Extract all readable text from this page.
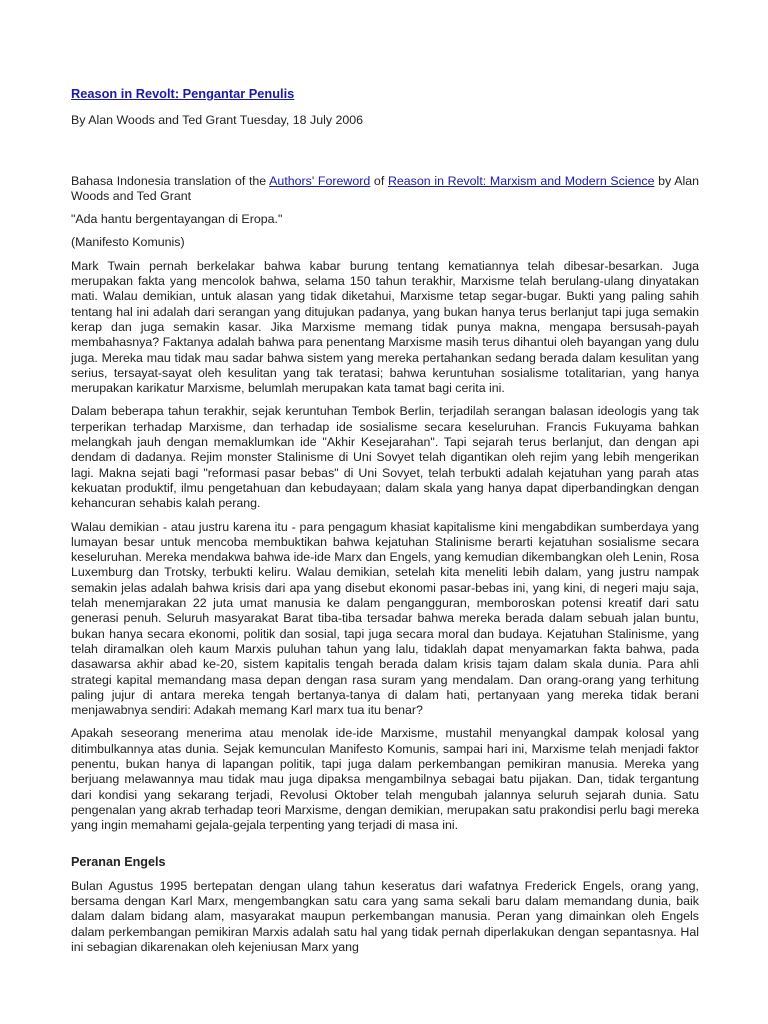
Reason in Revolt: Pengantar Penulis

By Alan Woods and Ted Grant Tuesday, 18 July 2006

Bahasa Indonesia translation of the Authors' Foreword of Reason in Revolt: Marxism and Modern Science by Alan Woods and Ted Grant

"Ada hantu bergentayangan di Eropa."

(Manifesto Komunis)

Mark Twain pernah berkelakar bahwa kabar burung tentang kematiannya telah dibesar-besarkan. Juga merupakan fakta yang mencolok bahwa, selama 150 tahun terakhir, Marxisme telah berulang-ulang dinyatakan mati. Walau demikian, untuk alasan yang tidak diketahui, Marxisme tetap segar-bugar. Bukti yang paling sahih tentang hal ini adalah dari serangan yang ditujukan padanya, yang bukan hanya terus berlanjut tapi juga semakin kerap dan juga semakin kasar. Jika Marxisme memang tidak punya makna, mengapa bersusah-payah membahasnya? Faktanya adalah bahwa para penentang Marxisme masih terus dihantui oleh bayangan yang dulu juga. Mereka mau tidak mau sadar bahwa sistem yang mereka pertahankan sedang berada dalam kesulitan yang serius, tersayat-sayat oleh kesulitan yang tak teratasi; bahwa keruntuhan sosialisme totalitarian, yang hanya merupakan karikatur Marxisme, belumlah merupakan kata tamat bagi cerita ini.

Dalam beberapa tahun terakhir, sejak keruntuhan Tembok Berlin, terjadilah serangan balasan ideologis yang tak terperikan terhadap Marxisme, dan terhadap ide sosialisme secara keseluruhan. Francis Fukuyama bahkan melangkah jauh dengan memaklumkan ide "Akhir Kesejarahan". Tapi sejarah terus berlanjut, dan dengan api dendam di dadanya. Rejim monster Stalinisme di Uni Sovyet telah digantikan oleh rejim yang lebih mengerikan lagi. Makna sejati bagi "reformasi pasar bebas" di Uni Sovyet, telah terbukti adalah kejatuhan yang parah atas kekuatan produktif, ilmu pengetahuan dan kebudayaan; dalam skala yang hanya dapat diperbandingkan dengan kehancuran sehabis kalah perang.

Walau demikian - atau justru karena itu - para pengagum khasiat kapitalisme kini mengabdikan sumberdaya yang lumayan besar untuk mencoba membuktikan bahwa kejatuhan Stalinisme berarti kejatuhan sosialisme secara keseluruhan. Mereka mendakwa bahwa ide-ide Marx dan Engels, yang kemudian dikembangkan oleh Lenin, Rosa Luxemburg dan Trotsky, terbukti keliru. Walau demikian, setelah kita meneliti lebih dalam, yang justru nampak semakin jelas adalah bahwa krisis dari apa yang disebut ekonomi pasar-bebas ini, yang kini, di negeri maju saja, telah menemjarakan 22 juta umat manusia ke dalam pengangguran, memboroskan potensi kreatif dari satu generasi penuh. Seluruh masyarakat Barat tiba-tiba tersadar bahwa mereka berada dalam sebuah jalan buntu, bukan hanya secara ekonomi, politik dan sosial, tapi juga secara moral dan budaya. Kejatuhan Stalinisme, yang telah diramalkan oleh kaum Marxis puluhan tahun yang lalu, tidaklah dapat menyamarkan fakta bahwa, pada dasawarsa akhir abad ke-20, sistem kapitalis tengah berada dalam krisis tajam dalam skala dunia. Para ahli strategi kapital memandang masa depan dengan rasa suram yang mendalam. Dan orang-orang yang terhitung paling jujur di antara mereka tengah bertanya-tanya di dalam hati, pertanyaan yang mereka tidak berani menjawabnya sendiri: Adakah memang Karl marx tua itu benar?

Apakah seseorang menerima atau menolak ide-ide Marxisme, mustahil menyangkal dampak kolosal yang ditimbulkannya atas dunia. Sejak kemunculan Manifesto Komunis, sampai hari ini, Marxisme telah menjadi faktor penentu, bukan hanya di lapangan politik, tapi juga dalam perkembangan pemikiran manusia. Mereka yang berjuang melawannya mau tidak mau juga dipaksa mengambilnya sebagai batu pijakan. Dan, tidak tergantung dari kondisi yang sekarang terjadi, Revolusi Oktober telah mengubah jalannya seluruh sejarah dunia. Satu pengenalan yang akrab terhadap teori Marxisme, dengan demikian, merupakan satu prakondisi perlu bagi mereka yang ingin memahami gejala-gejala terpenting yang terjadi di masa ini.

Peranan Engels

Bulan Agustus 1995 bertepatan dengan ulang tahun keseratus dari wafatnya Frederick Engels, orang yang, bersama dengan Karl Marx, mengembangkan satu cara yang sama sekali baru dalam memandang dunia, baik dalam dalam bidang alam, masyarakat maupun perkembangan manusia. Peran yang dimainkan oleh Engels dalam perkembangan pemikiran Marxis adalah satu hal yang tidak pernah diperlakukan dengan sepantasnya. Hal ini sebagian dikarenakan oleh kejeniusan Marx yang
